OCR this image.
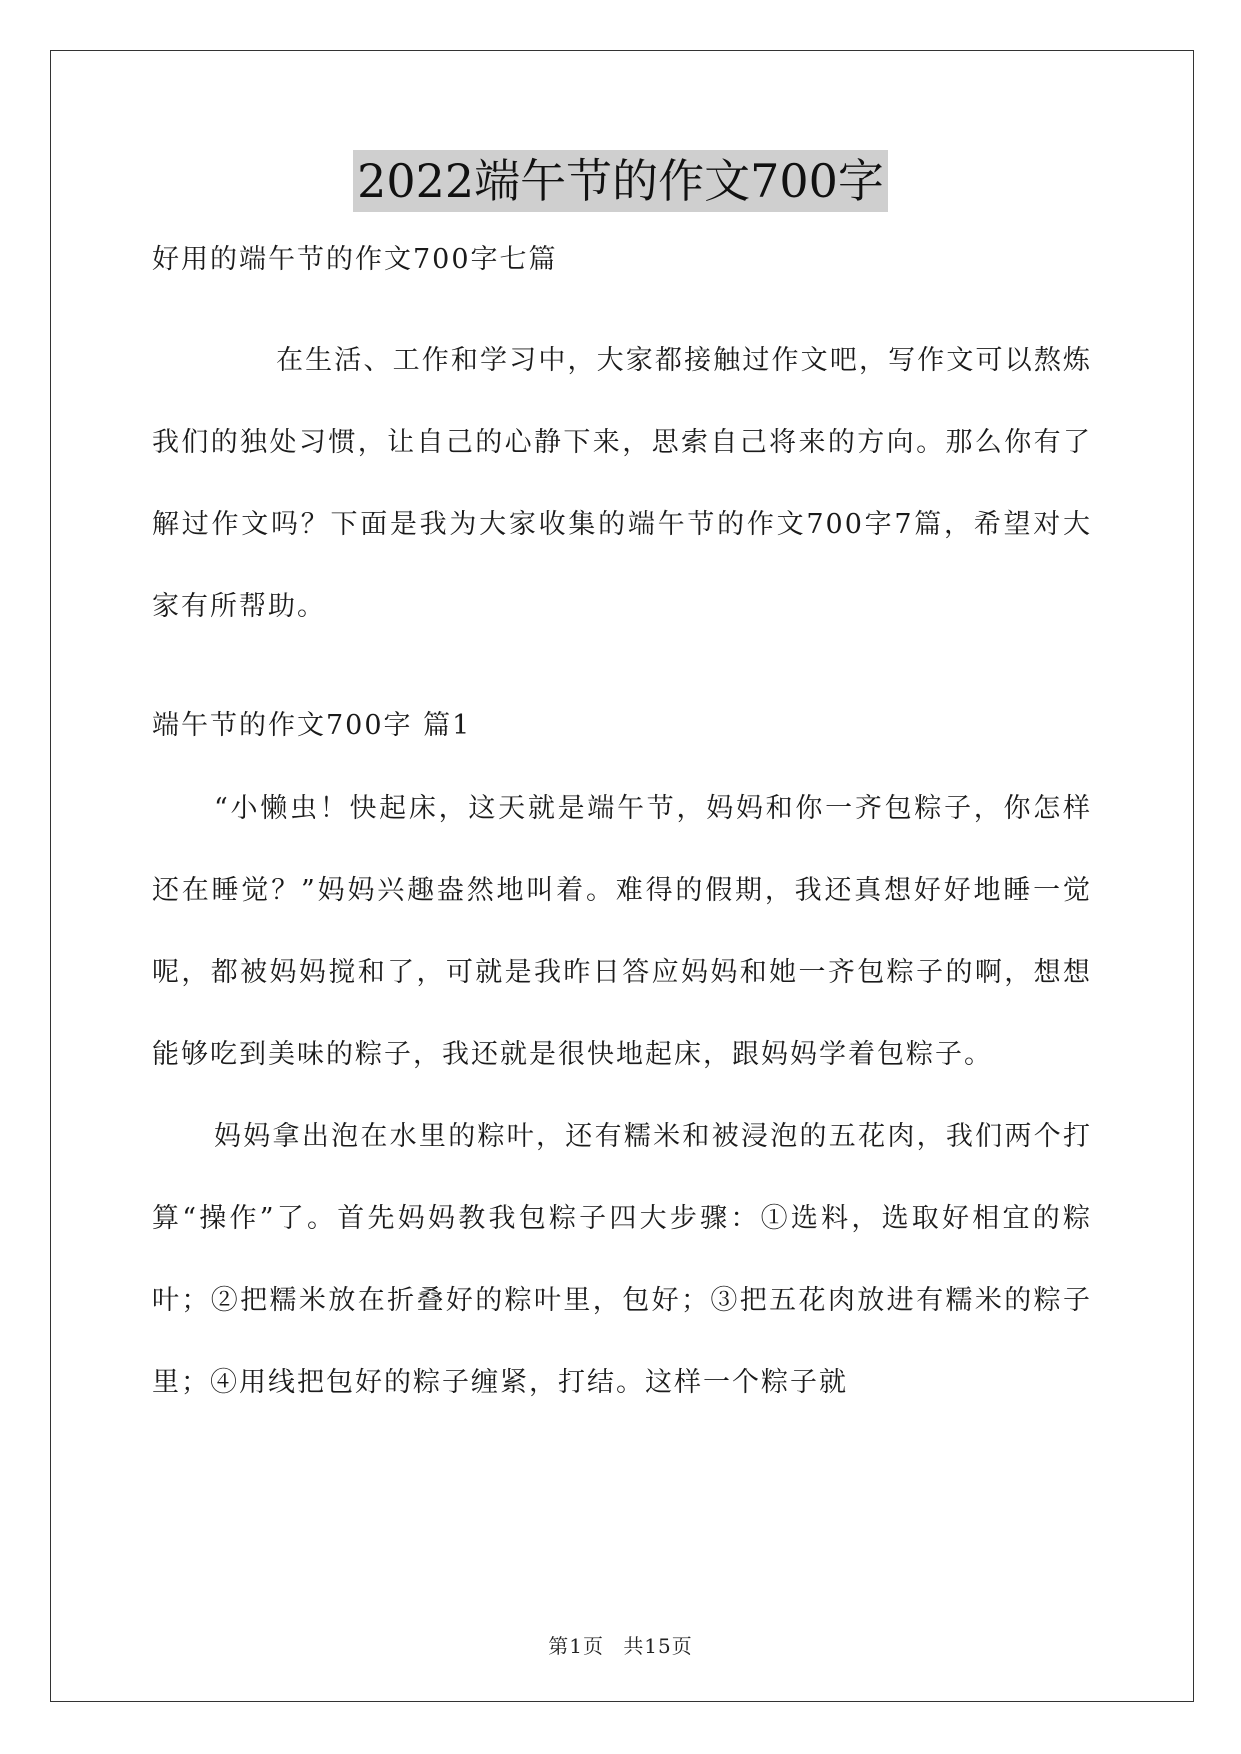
2022端午节的作文700字
好用的端午节的作文700字七篇

在生活、工作和学习中，大家都接触过作文吧，写作文可以熬炼我们的独处习惯，让自己的心静下来，思索自己将来的方向。那么你有了解过作文吗？下面是我为大家收集的端午节的作文700字7篇，希望对大家有所帮助。

端午节的作文700字 篇1

“小懒虫！快起床，这天就是端午节，妈妈和你一齐包粽子，你怎样还在睡觉？”妈妈兴趣盎然地叫着。难得的假期，我还真想好好地睡一觉呢，都被妈妈搅和了，可就是我昨日答应妈妈和她一齐包粽子的啊，想想能够吃到美味的粽子，我还就是很快地起床，跟妈妈学着包粽子。

妈妈拿出泡在水里的粽叶，还有糯米和被浸泡的五花肉，我们两个打算“操作”了。首先妈妈教我包粽子四大步骤：①选料，选取好相宜的粽叶；②把糯米放在折叠好的粽叶里，包好；③把五花肉放进有糯米的粽子里；④用线把包好的粽子缠紧，打结。这样一个粽子就

第1页 共15页
